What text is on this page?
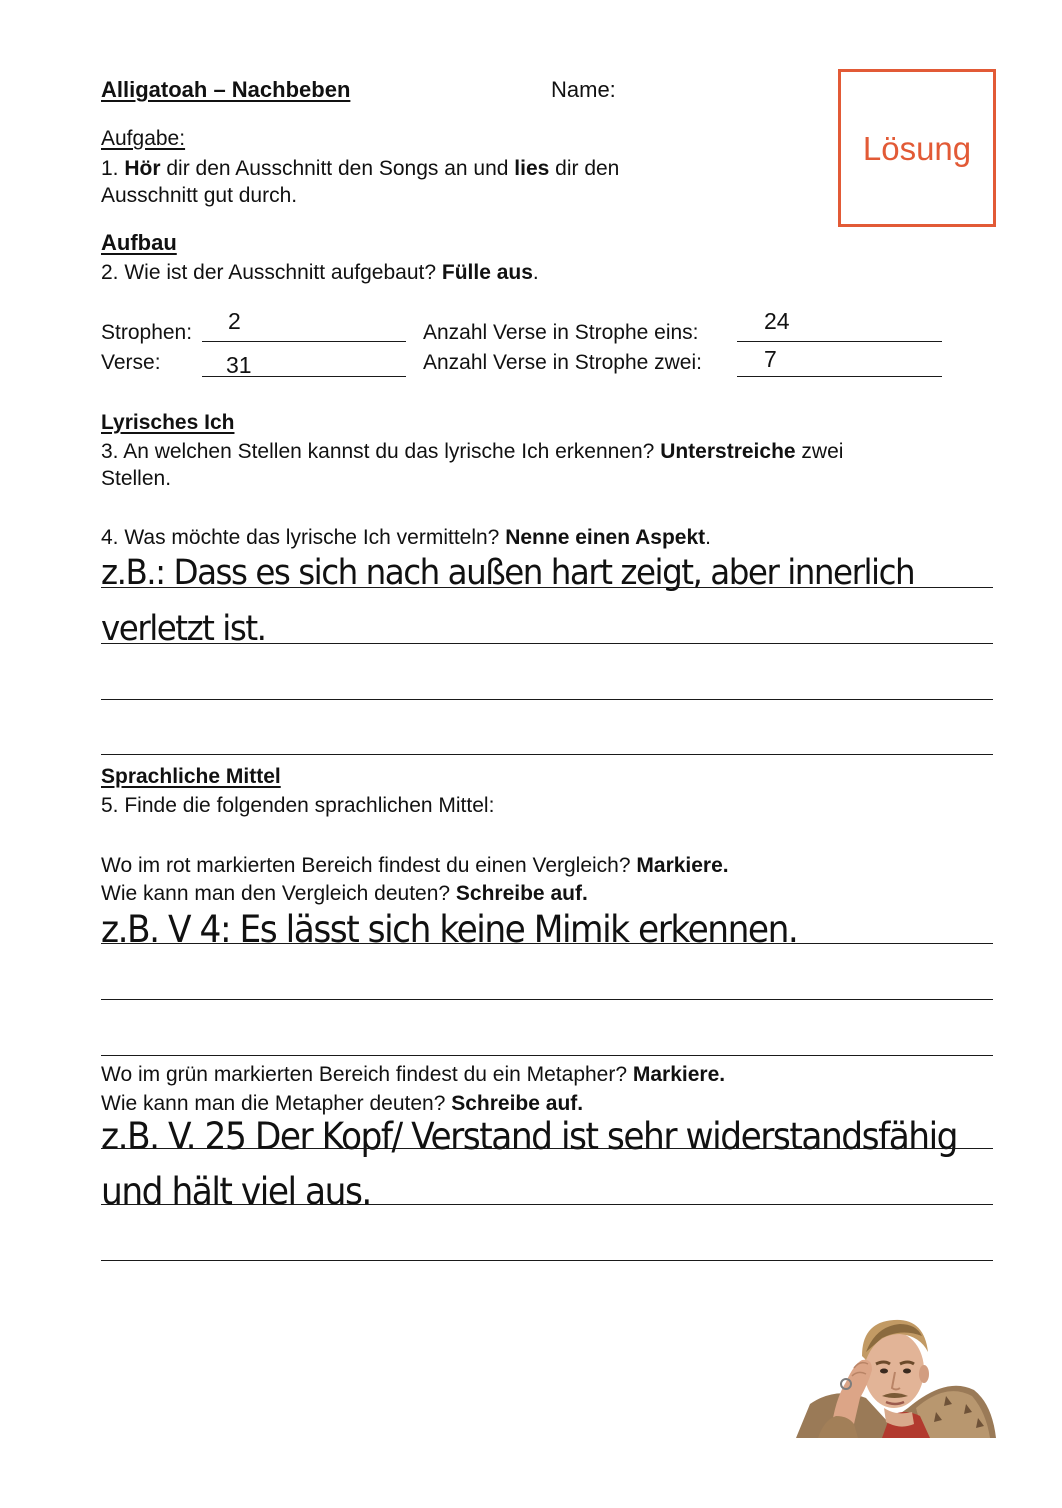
Alligatoah – Nachbeben	Name:
Lösung
Aufgabe:
1. Hör dir den Ausschnitt den Songs an und lies dir den
Ausschnitt gut durch.
Aufbau
2. Wie ist der Ausschnitt aufgebaut? Fülle aus.
Strophen: 2
Verse:	31
Anzahl Verse in Strophe eins:	24
Anzahl Verse in Strophe zwei:	7
Lyrisches Ich
3. An welchen Stellen kannst du das lyrische Ich erkennen? Unterstreiche zwei
Stellen.
4. Was möchte das lyrische Ich vermitteln? Nenne einen Aspekt.
z.B.: Dass es sich nach außen hart zeigt, aber innerlich
verletzt ist.
Sprachliche Mittel
5. Finde die folgenden sprachlichen Mittel:
Wo im rot markierten Bereich findest du einen Vergleich? Markiere.
Wie kann man den Vergleich deuten? Schreibe auf.
z.B. V 4: Es lässt sich keine Mimik erkennen.
Wo im grün markierten Bereich findest du ein Metapher? Markiere.
Wie kann man die Metapher deuten? Schreibe auf.
z.B. V. 25 Der Kopf/ Verstand ist sehr widerstandsfähig
und hält viel aus.
